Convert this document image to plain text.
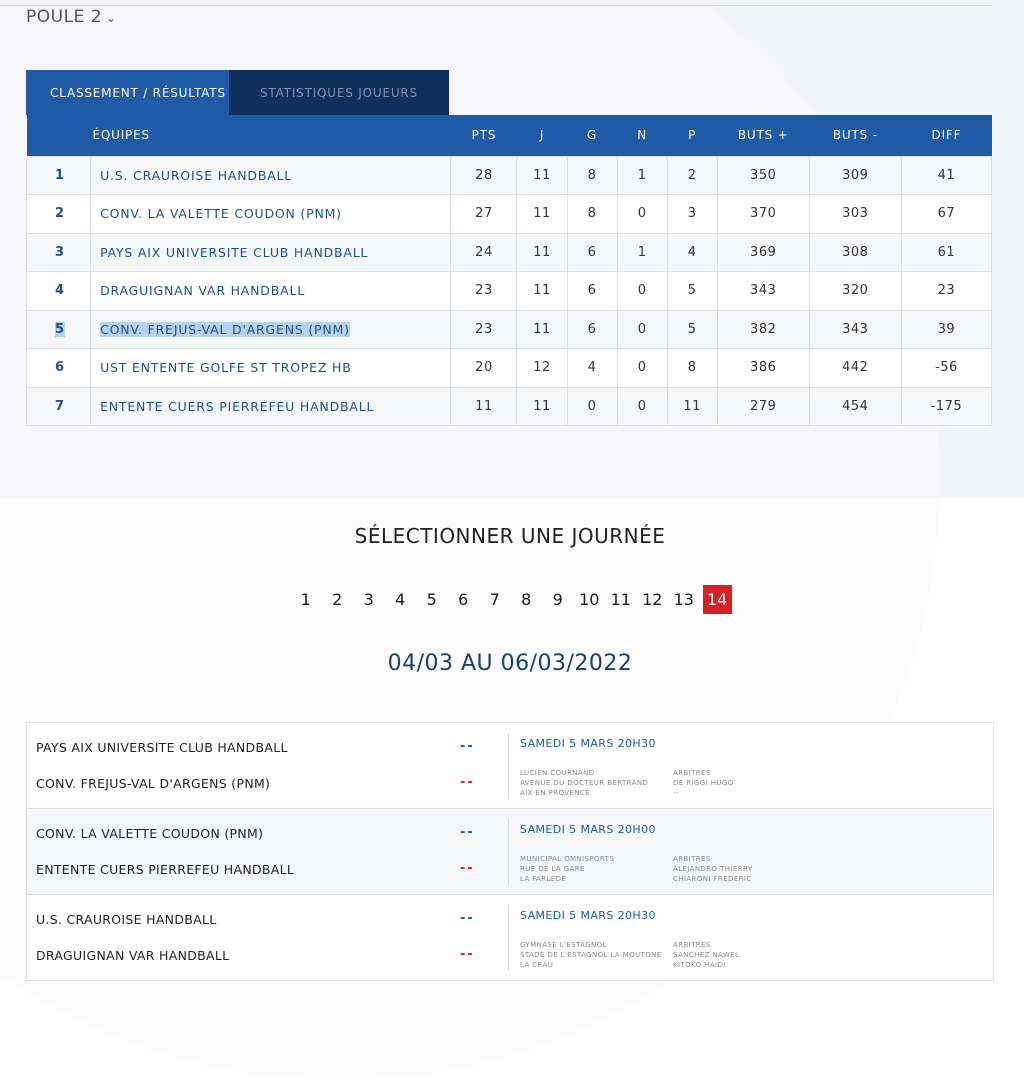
POULE 2 ⌄
CLASSEMENT / RÉSULTATS	STATISTIQUES JOUEURS
ÉQUIPES		PTS	J	G	N	P	BUTS +	BUTS -	DIFF
1	U.S. CRAUROISE HANDBALL	28	11	8	1	2	350	309	41
2	CONV. LA VALETTE COUDON (PNM)	27	11	8	0	3	370	303	67
3	PAYS AIX UNIVERSITE CLUB HANDBALL	24	11	6	1	4	369	308	61
4	DRAGUIGNAN VAR HANDBALL	23	11	6	0	5	343	320	23
5	CONV. FREJUS-VAL D'ARGENS (PNM)	23	11	6	0	5	382	343	39
6	UST ENTENTE GOLFE ST TROPEZ HB	20	12	4	0	8	386	442	-56
7	ENTENTE CUERS PIERREFEU HANDBALL	11	11	0	0	11	279	454	-175
SÉLECTIONNER UNE JOURNÉE
1	2	3	4	5	6	7	8	9	10 11 12 13 14
04/03 AU 06/03/2022
PAYS AIX UNIVERSITE CLUB HANDBALL
CONV. FREJUS-VAL D'ARGENS (PNM)
--
--
SAMEDI 5 MARS 20H30
LUCIEN COURNAND
AVENUE DU DOCTEUR BERTRAND
AIX EN PROVENCE
ARBITRES
DE RIGGI HUGO
--
CONV. LA VALETTE COUDON (PNM)
ENTENTE CUERS PIERREFEU HANDBALL
--
--
SAMEDI 5 MARS 20H00
MUNICIPAL OMNISPORTS
RUE DE LA GARE
LA FARLEDE
ARBITRES
ALEJANDRO THIERRY
CHIARONI FREDERIC
U.S. CRAUROISE HANDBALL
DRAGUIGNAN VAR HANDBALL
--
--
SAMEDI 5 MARS 20H30
GYMNASE L'ESTAGNOL
STADE DE L'ESTAGNOL LA MOUTONE
LA CRAU
ARBITRES
SANCHEZ NAWEL
KITOKO HAIDI
